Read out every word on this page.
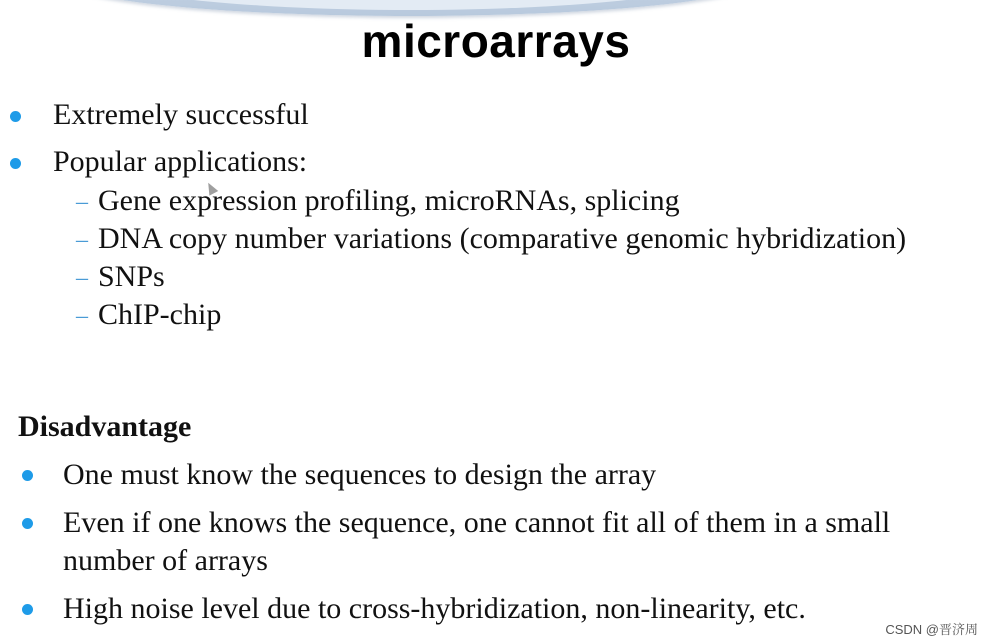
microarrays
Extremely successful
Popular applications:
– Gene expression profiling, microRNAs, splicing
– DNA copy number variations (comparative genomic hybridization)
– SNPs
– ChIP-chip
Disadvantage
One must know the sequences to design the array
Even if one knows the sequence, one cannot fit all of them in a small number of arrays
High noise level due to cross-hybridization, non-linearity, etc.
CSDN @晋济周
